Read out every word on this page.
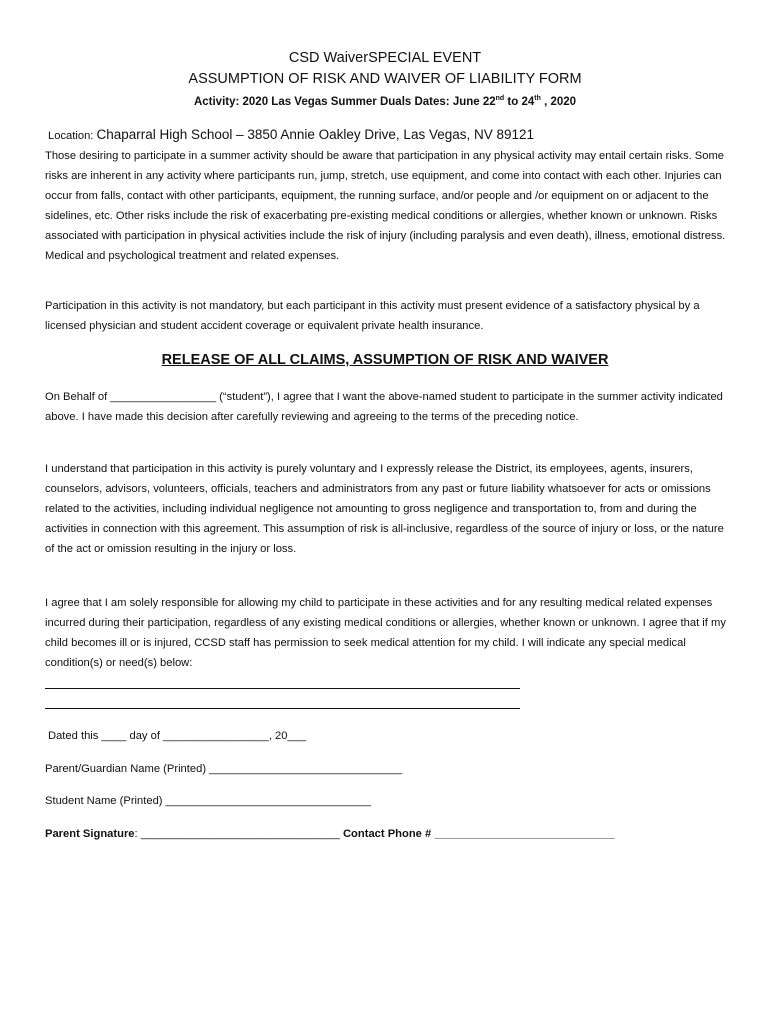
CSD WaiverSPECIAL EVENT
ASSUMPTION OF RISK AND WAIVER OF LIABILITY FORM
Activity: 2020 Las Vegas Summer Duals Dates: June 22nd to 24th , 2020
Location: Chaparral High School – 3850 Annie Oakley Drive, Las Vegas, NV 89121

Those desiring to participate in a summer activity should be aware that participation in any physical activity may entail certain risks. Some risks are inherent in any activity where participants run, jump, stretch, use equipment, and come into contact with each other. Injuries can occur from falls, contact with other participants, equipment, the running surface, and/or people and /or equipment on or adjacent to the sidelines, etc. Other risks include the risk of exacerbating pre-existing medical conditions or allergies, whether known or unknown. Risks associated with participation in physical activities include the risk of injury (including paralysis and even death), illness, emotional distress. Medical and psychological treatment and related expenses.

Participation in this activity is not mandatory, but each participant in this activity must present evidence of a satisfactory physical by a licensed physician and student accident coverage or equivalent private health insurance.

RELEASE OF ALL CLAIMS, ASSUMPTION OF RISK AND WAIVER

On Behalf of _________________ (“student”), I agree that I want the above-named student to participate in the summer activity indicated above. I have made this decision after carefully reviewing and agreeing to the terms of the preceding notice.

I understand that participation in this activity is purely voluntary and I expressly release the District, its employees, agents, insurers, counselors, advisors, volunteers, officials, teachers and administrators from any past or future liability whatsoever for acts or omissions related to the activities, including individual negligence not amounting to gross negligence and transportation to, from and during the activities in connection with this agreement. This assumption of risk is all-inclusive, regardless of the source of injury or loss, or the nature of the act or omission resulting in the injury or loss.

I agree that I am solely responsible for allowing my child to participate in these activities and for any resulting medical related expenses incurred during their participation, regardless of any existing medical conditions or allergies, whether known or unknown. I agree that if my child becomes ill or is injured, CCSD staff has permission to seek medical attention for my child. I will indicate any special medical condition(s) or need(s) below:

Dated this ____ day of _________________, 20___
Parent/Guardian Name (Printed) _______________________________
Student Name (Printed) _________________________________
Parent Signature: ________________________________ Contact Phone # _____________________________
